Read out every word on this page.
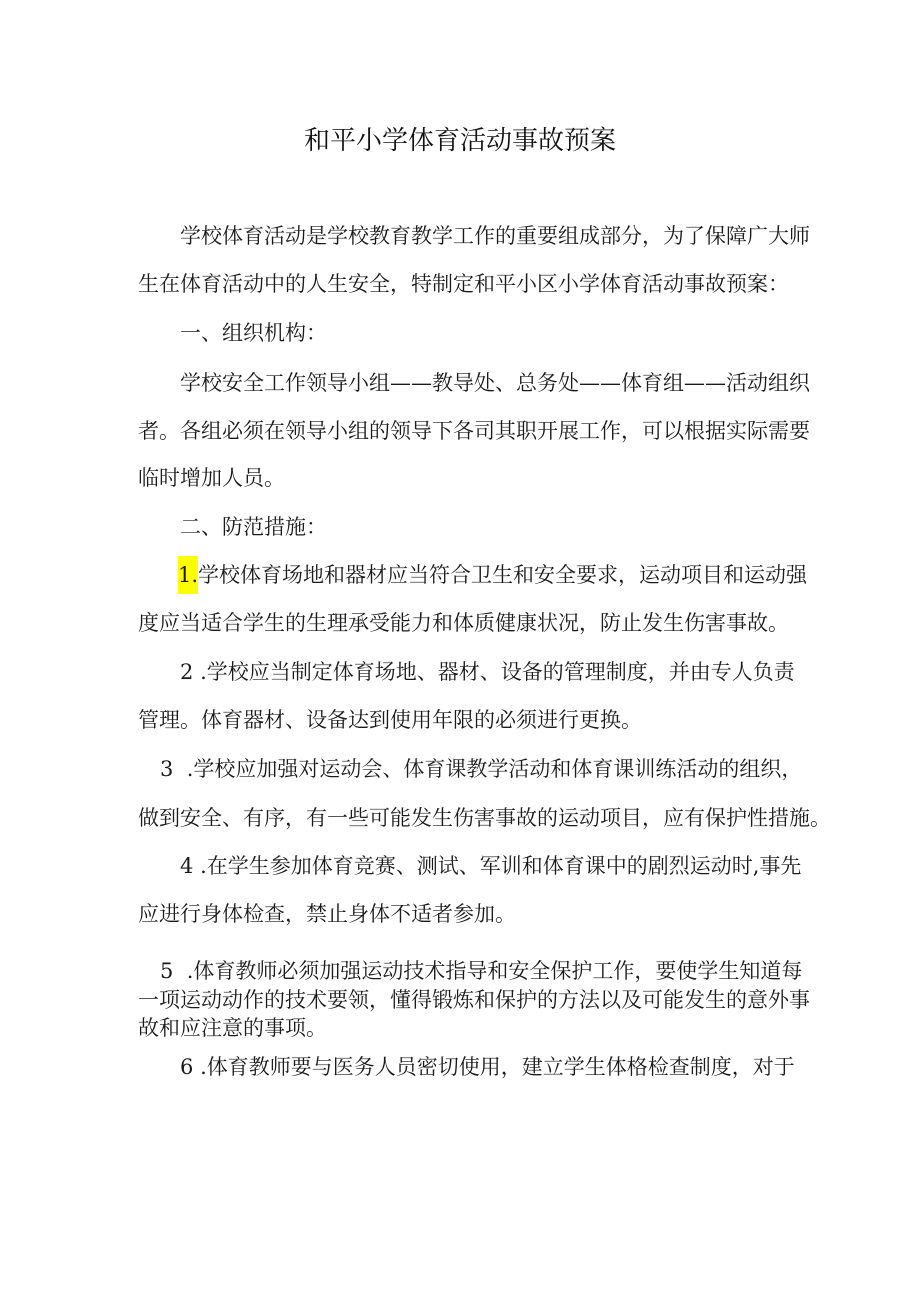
和平小学体育活动事故预案
学校体育活动是学校教育教学工作的重要组成部分，为了保障广大师
生在体育活动中的人生安全，特制定和平小区小学体育活动事故预案：
一、组织机构：
学校安全工作领导小组——教导处、总务处——体育组——活动组织
者。各组必须在领导小组的领导下各司其职开展工作，可以根据实际需要
临时增加人员。
二、防范措施：
1.学校体育场地和器材应当符合卫生和安全要求，运动项目和运动强
度应当适合学生的生理承受能力和体质健康状况，防止发生伤害事故。
2 .学校应当制定体育场地、器材、设备的管理制度，并由专人负责
管理。体育器材、设备达到使用年限的必须进行更换。
3 .学校应加强对运动会、体育课教学活动和体育课训练活动的组织，
做到安全、有序，有一些可能发生伤害事故的运动项目，应有保护性措施。
4 .在学生参加体育竞赛、测试、军训和体育课中的剧烈运动时,事先
应进行身体检查，禁止身体不适者参加。
5 .体育教师必须加强运动技术指导和安全保护工作，要使学生知道每
一项运动动作的技术要领，懂得锻炼和保护的方法以及可能发生的意外事
故和应注意的事项。
6 .体育教师要与医务人员密切使用，建立学生体格检查制度，对于
